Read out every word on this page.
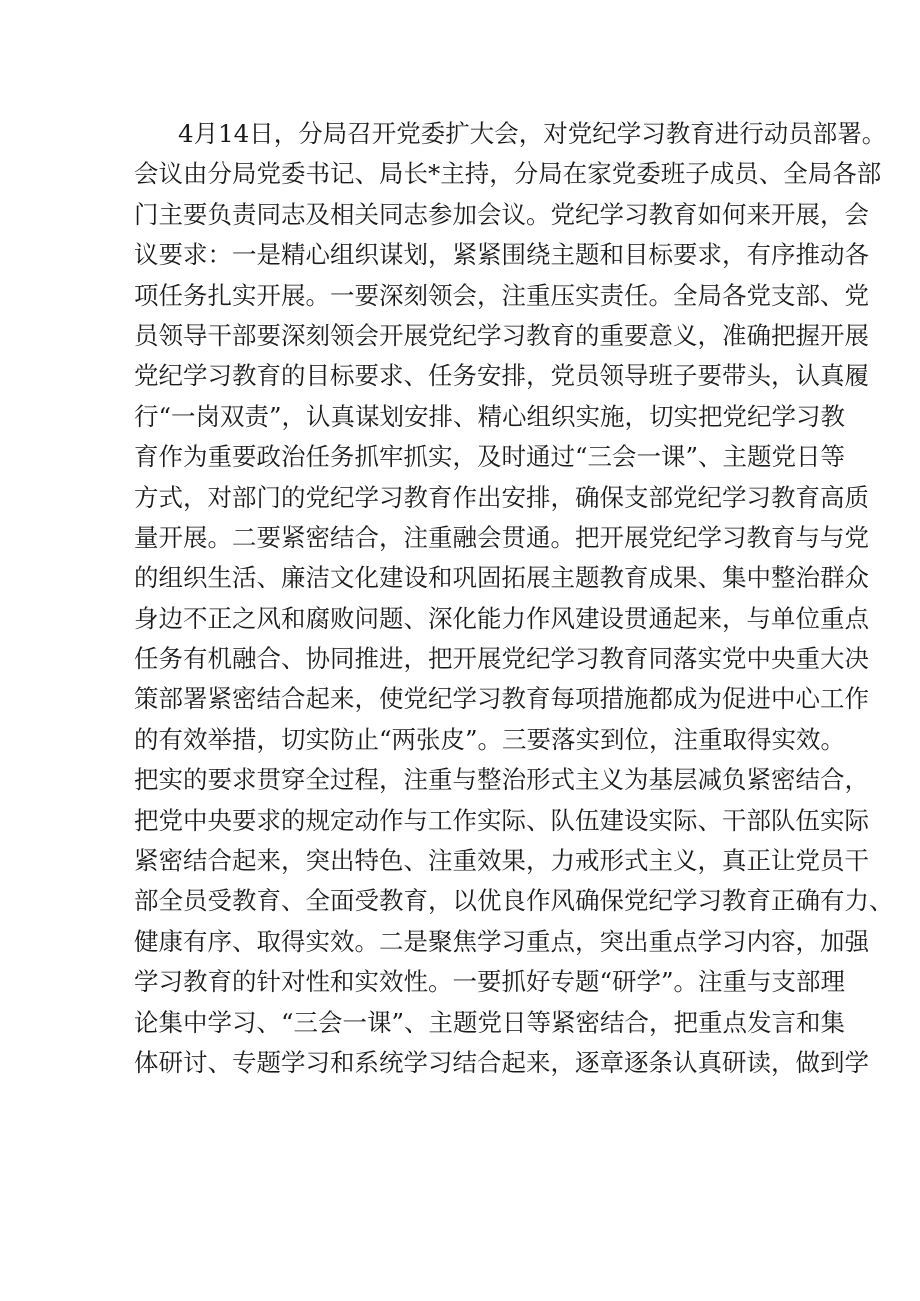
4月14日，分局召开党委扩大会，对党纪学习教育进行动员部署。
会议由分局党委书记、局长*主持，分局在家党委班子成员、全局各部
门主要负责同志及相关同志参加会议。党纪学习教育如何来开展，会
议要求：一是精心组织谋划，紧紧围绕主题和目标要求，有序推动各
项任务扎实开展。一要深刻领会，注重压实责任。全局各党支部、党
员领导干部要深刻领会开展党纪学习教育的重要意义，准确把握开展
党纪学习教育的目标要求、任务安排，党员领导班子要带头，认真履
行“一岗双责”，认真谋划安排、精心组织实施，切实把党纪学习教
育作为重要政治任务抓牢抓实，及时通过“三会一课”、主题党日等
方式，对部门的党纪学习教育作出安排，确保支部党纪学习教育高质
量开展。二要紧密结合，注重融会贯通。把开展党纪学习教育与与党
的组织生活、廉洁文化建设和巩固拓展主题教育成果、集中整治群众
身边不正之风和腐败问题、深化能力作风建设贯通起来，与单位重点
任务有机融合、协同推进，把开展党纪学习教育同落实党中央重大决
策部署紧密结合起来，使党纪学习教育每项措施都成为促进中心工作
的有效举措，切实防止“两张皮”。三要落实到位，注重取得实效。
把实的要求贯穿全过程，注重与整治形式主义为基层减负紧密结合，
把党中央要求的规定动作与工作实际、队伍建设实际、干部队伍实际
紧密结合起来，突出特色、注重效果，力戒形式主义，真正让党员干
部全员受教育、全面受教育，以优良作风确保党纪学习教育正确有力、
健康有序、取得实效。二是聚焦学习重点，突出重点学习内容，加强
学习教育的针对性和实效性。一要抓好专题“研学”。注重与支部理
论集中学习、“三会一课”、主题党日等紧密结合，把重点发言和集
体研讨、专题学习和系统学习结合起来，逐章逐条认真研读，做到学
